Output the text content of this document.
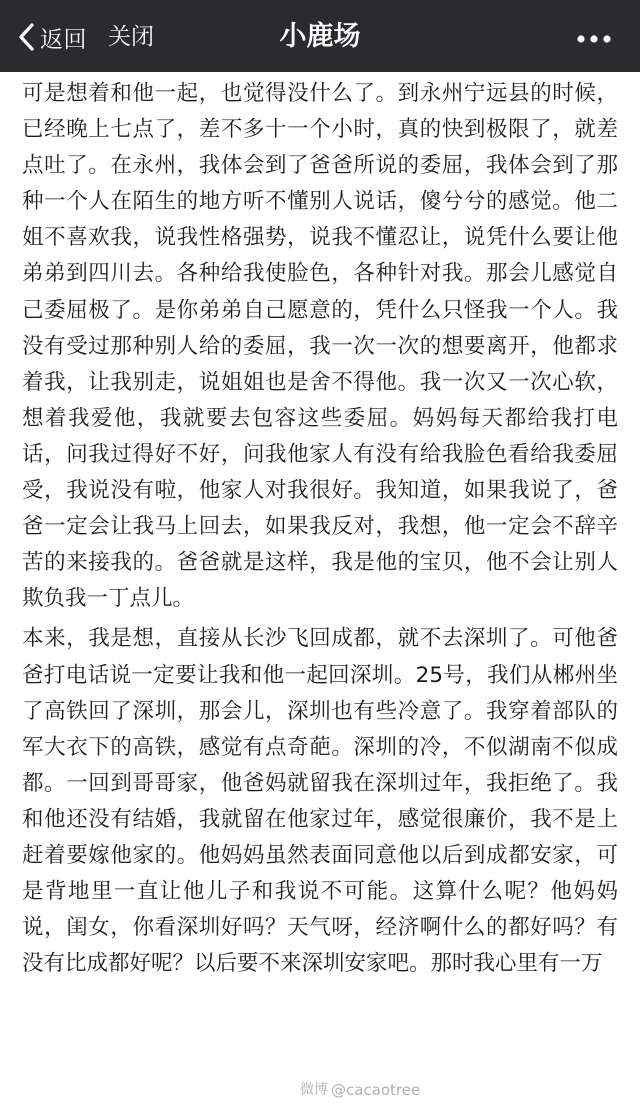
返回 关闭	小鹿场

可是想着和他一起，也觉得没什么了。到永州宁远县的时候，已经晚上七点了，差不多十一个小时，真的快到极限了，就差点吐了。在永州，我体会到了爸爸所说的委屈，我体会到了那种一个人在陌生的地方听不懂别人说话，傻兮兮的感觉。他二姐不喜欢我，说我性格强势，说我不懂忍让，说凭什么要让他弟弟到四川去。各种给我使脸色，各种针对我。那会儿感觉自己委屈极了。是你弟弟自己愿意的，凭什么只怪我一个人。我没有受过那种别人给的委屈，我一次一次的想要离开，他都求着我，让我别走，说姐姐也是舍不得他。我一次又一次心软，想着我爱他，我就要去包容这些委屈。妈妈每天都给我打电话，问我过得好不好，问我他家人有没有给我脸色看给我委屈受，我说没有啦，他家人对我很好。我知道，如果我说了，爸爸一定会让我马上回去，如果我反对，我想，他一定会不辞辛苦的来接我的。爸爸就是这样，我是他的宝贝，他不会让别人欺负我一丁点儿。

本来，我是想，直接从长沙飞回成都，就不去深圳了。可他爸爸打电话说一定要让我和他一起回深圳。25号，我们从郴州坐了高铁回了深圳，那会儿，深圳也有些冷意了。我穿着部队的军大衣下的高铁，感觉有点奇葩。深圳的冷，不似湖南不似成都。一回到哥哥家，他爸妈就留我在深圳过年，我拒绝了。我和他还没有结婚，我就留在他家过年，感觉很廉价，我不是上赶着要嫁他家的。他妈妈虽然表面同意他以后到成都安家，可是背地里一直让他儿子和我说不可能。这算什么呢？他妈妈说，闺女，你看深圳好吗？天气呀，经济啊什么的都好吗？有没有比成都好呢？以后要不来深圳安家吧。那时我心里有一万

微博 @cacaotree
